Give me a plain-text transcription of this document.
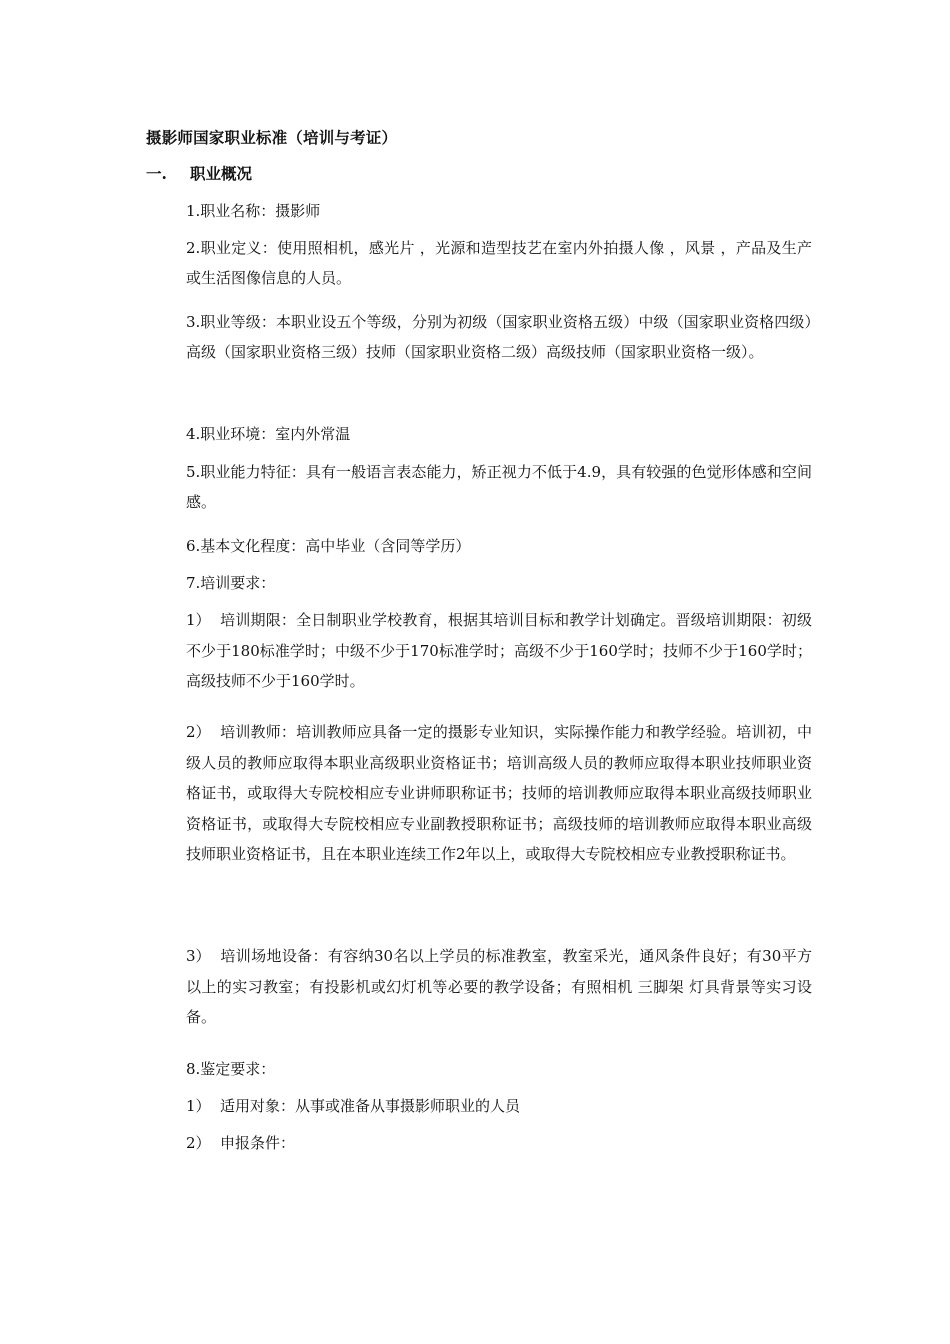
摄影师国家职业标准（培训与考证）
一. 职业概况

1.职业名称：摄影师

2.职业定义：使用照相机，感光片 ，光源和造型技艺在室内外拍摄人像 ，风景 ，产品及生产或生活图像信息的人员。

3.职业等级：本职业设五个等级，分别为初级（国家职业资格五级）中级（国家职业资格四级）高级（国家职业资格三级）技师（国家职业资格二级）高级技师（国家职业资格一级）。

4.职业环境：室内外常温

5.职业能力特征：具有一般语言表态能力，矫正视力不低于4.9，具有较强的色觉形体感和空间感。

6.基本文化程度：高中毕业（含同等学历）

7.培训要求：

1） 培训期限：全日制职业学校教育，根据其培训目标和教学计划确定。晋级培训期限：初级不少于180标准学时；中级不少于170标准学时；高级不少于160学时；技师不少于160学时；高级技师不少于160学时。

2） 培训教师：培训教师应具备一定的摄影专业知识，实际操作能力和教学经验。培训初，中级人员的教师应取得本职业高级职业资格证书；培训高级人员的教师应取得本职业技师职业资格证书，或取得大专院校相应专业讲师职称证书；技师的培训教师应取得本职业高级技师职业资格证书，或取得大专院校相应专业副教授职称证书；高级技师的培训教师应取得本职业高级技师职业资格证书，且在本职业连续工作2年以上，或取得大专院校相应专业教授职称证书。

3） 培训场地设备：有容纳30名以上学员的标准教室，教室采光，通风条件良好；有30平方以上的实习教室；有投影机或幻灯机等必要的教学设备；有照相机 三脚架 灯具背景等实习设备。

8.鉴定要求：

1） 适用对象：从事或准备从事摄影师职业的人员

2） 申报条件：
